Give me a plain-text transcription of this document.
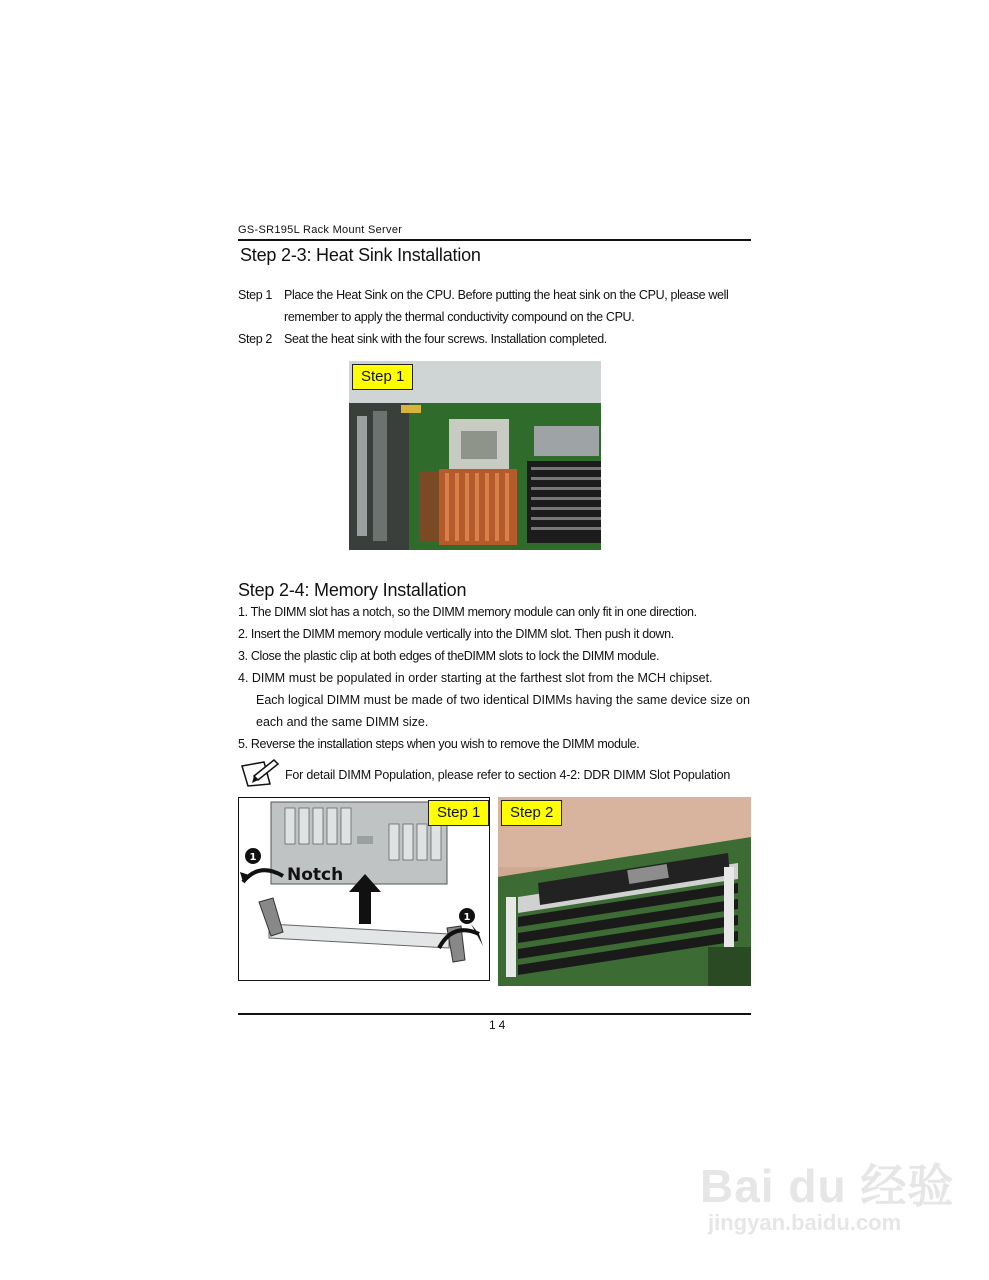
GS-SR195L Rack Mount Server
Step 2-3: Heat Sink Installation
Step 1 Place the Heat Sink on the CPU. Before putting the heat sink on the CPU, please well
remember to apply the thermal conductivity compound on the CPU.
Step 2 Seat the heat sink with the four screws. Installation completed.
Step 1
Step 2-4: Memory Installation
1. The DIMM slot has a notch, so the DIMM memory module can only fit in one direction.
2. Insert the DIMM memory module vertically into the DIMM slot. Then push it down.
3. Close the plastic clip at both edges of theDIMM slots to lock the DIMM module.
4. DIMM must be populated in order starting at the farthest slot from the MCH chipset.
Each logical DIMM must be made of two identical DIMMs having the same device size on
each and the same DIMM size.
5. Reverse the installation steps when you wish to remove the DIMM module.
For detail DIMM Population, please refer to section 4-2: DDR DIMM Slot Population
Notch
1
1
Step 1	Step 2
14
Bai du 经验
jingyan.baidu.com
